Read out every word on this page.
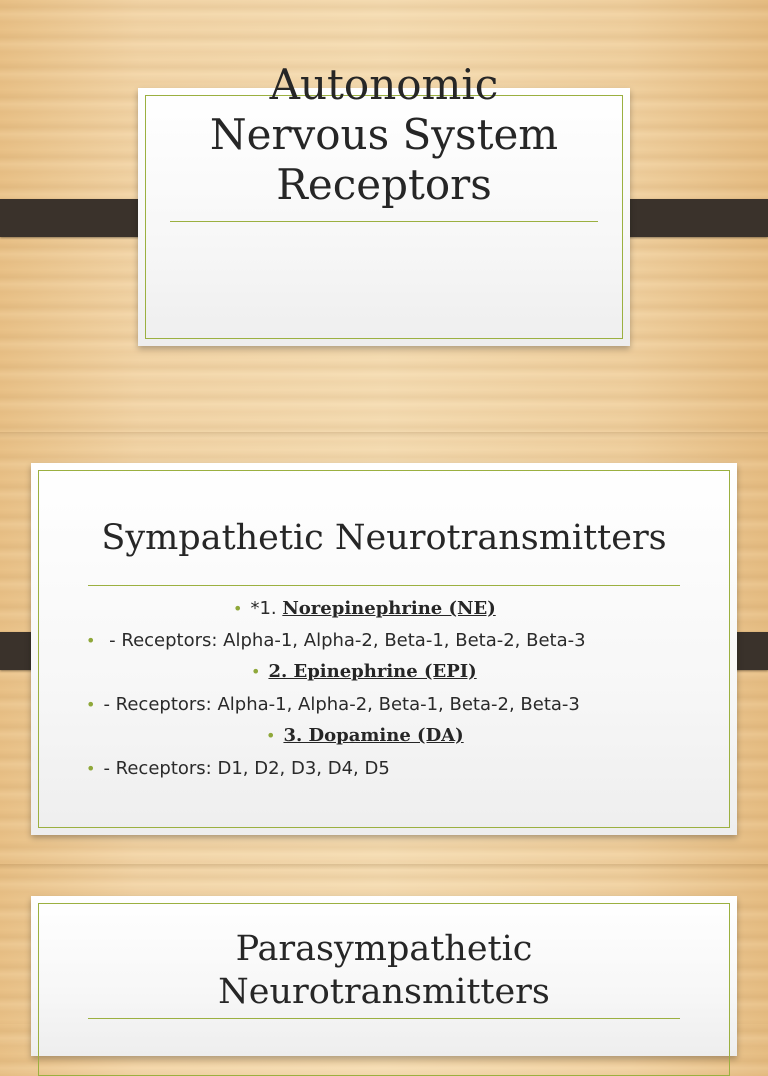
Autonomic
Nervous System
Receptors
Sympathetic Neurotransmitters
• *1. Norepinephrine (NE)
• - Receptors: Alpha-1, Alpha-2, Beta-1, Beta-2, Beta-3
• 2. Epinephrine (EPI)
• - Receptors: Alpha-1, Alpha-2, Beta-1, Beta-2, Beta-3
• 3. Dopamine (DA)
• - Receptors: D1, D2, D3, D4, D5
Parasympathetic
Neurotransmitters
